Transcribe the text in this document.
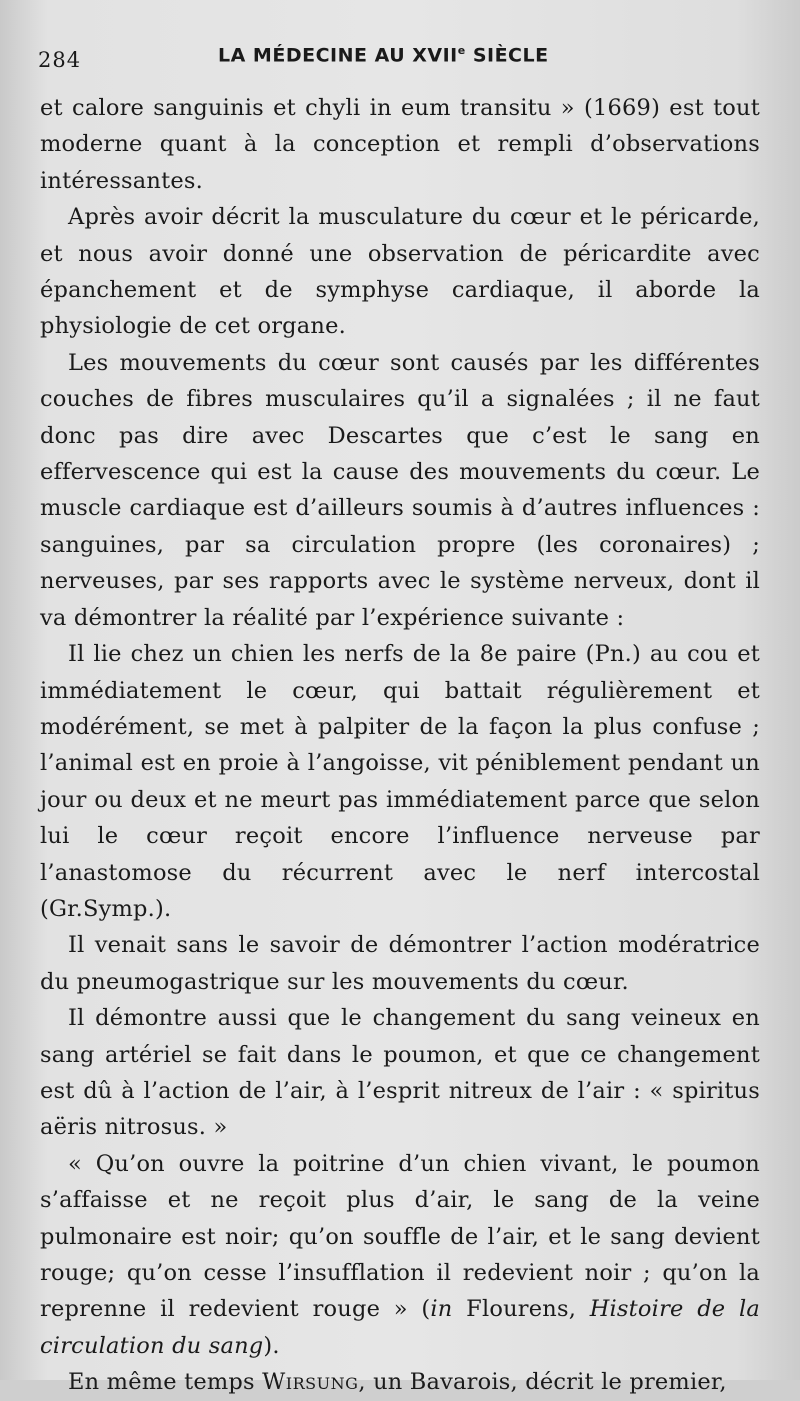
284	LA MÉDECINE AU XVIIe SIÈCLE

et calore sanguinis et chyli in eum transitu » (1669) est tout moderne quant à la conception et rempli d’observations intéressantes.

Après avoir décrit la musculature du cœur et le péricarde, et nous avoir donné une observation de péricardite avec épanchement et de symphyse cardiaque, il aborde la physiologie de cet organe.

Les mouvements du cœur sont causés par les différentes couches de fibres musculaires qu’il a signalées ; il ne faut donc pas dire avec Descartes que c’est le sang en effervescence qui est la cause des mouvements du cœur. Le muscle cardiaque est d’ailleurs soumis à d’autres influences : sanguines, par sa circulation propre (les coronaires) ; nerveuses, par ses rapports avec le système nerveux, dont il va démontrer la réalité par l’expérience suivante :

Il lie chez un chien les nerfs de la 8e paire (Pn.) au cou et immédiatement le cœur, qui battait régulièrement et modérément, se met à palpiter de la façon la plus confuse ; l’animal est en proie à l’angoisse, vit péniblement pendant un jour ou deux et ne meurt pas immédiatement parce que selon lui le cœur reçoit encore l’influence nerveuse par l’anastomose du récurrent avec le nerf intercostal (Gr.Symp.).

Il venait sans le savoir de démontrer l’action modératrice du pneumogastrique sur les mouvements du cœur.

Il démontre aussi que le changement du sang veineux en sang artériel se fait dans le poumon, et que ce changement est dû à l’action de l’air, à l’esprit nitreux de l’air : « spiritus aëris nitrosus. »

« Qu’on ouvre la poitrine d’un chien vivant, le poumon s’affaisse et ne reçoit plus d’air, le sang de la veine pulmonaire est noir; qu’on souffle de l’air, et le sang devient rouge; qu’on cesse l’insufflation il redevient noir ; qu’on la reprenne il redevient rouge » (in Flourens, Histoire de la circulation du sang).

En même temps Wirsung, un Bavarois, décrit le premier,
